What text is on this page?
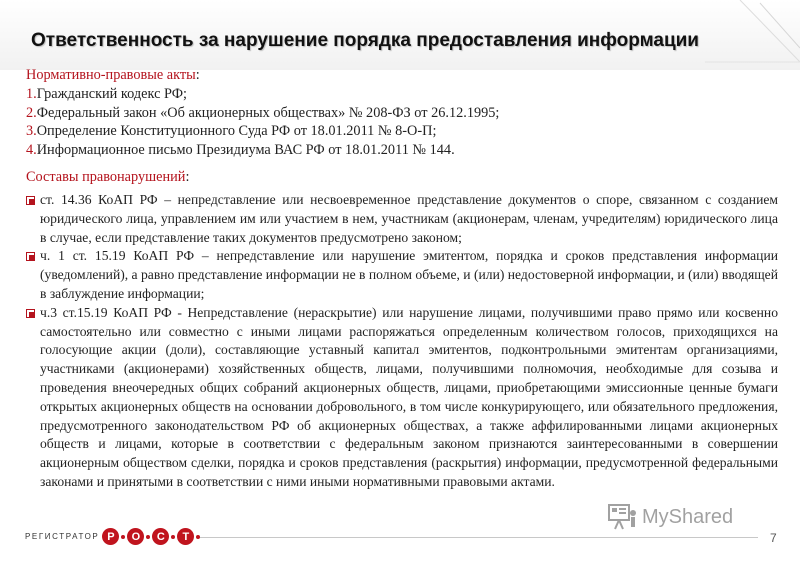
Ответственность за нарушение порядка предоставления информации
Нормативно-правовые акты:
1.Гражданский кодекс РФ;
2.Федеральный закон «Об акционерных обществах» № 208-ФЗ от 26.12.1995;
3.Определение Конституционного Суда РФ от 18.01.2011 № 8-О-П;
4.Информационное письмо Президиума ВАС РФ от 18.01.2011 № 144.
Составы правонарушений:
ст. 14.36 КоАП РФ – непредставление или несвоевременное представление документов о споре, связанном с созданием юридического лица, управлением им или участием в нем, участникам (акционерам, членам, учредителям) юридического лица в случае, если представление таких документов предусмотрено законом;
ч. 1 ст. 15.19 КоАП РФ – непредставление или нарушение эмитентом, порядка и сроков представления информации (уведомлений), а равно представление информации не в полном объеме, и (или) недостоверной информации, и (или) вводящей в заблуждение информации;
ч.3 ст.15.19 КоАП РФ - Непредставление (нераскрытие) или нарушение лицами, получившими право прямо или косвенно самостоятельно или совместно с иными лицами распоряжаться определенным количеством голосов, приходящихся на голосующие акции (доли), составляющие уставный капитал эмитентов, подконтрольными эмитентам организациями, участниками (акционерами) хозяйственных обществ, лицами, получившими полномочия, необходимые для созыва и проведения внеочередных общих собраний акционерных обществ, лицами, приобретающими эмиссионные ценные бумаги открытых акционерных обществ на основании добровольного, в том числе конкурирующего, или обязательного предложения, предусмотренного законодательством РФ об акционерных обществах, а также аффилированными лицами акционерных обществ и лицами, которые в соответствии с федеральным законом признаются заинтересованными в совершении акционерным обществом сделки, порядка и сроков представления (раскрытия) информации, предусмотренной федеральными законами и принятыми в соответствии с ними иными нормативными правовыми актами.
РЕГИСТРАТОР Р	О	С	Т
MyShared
7
